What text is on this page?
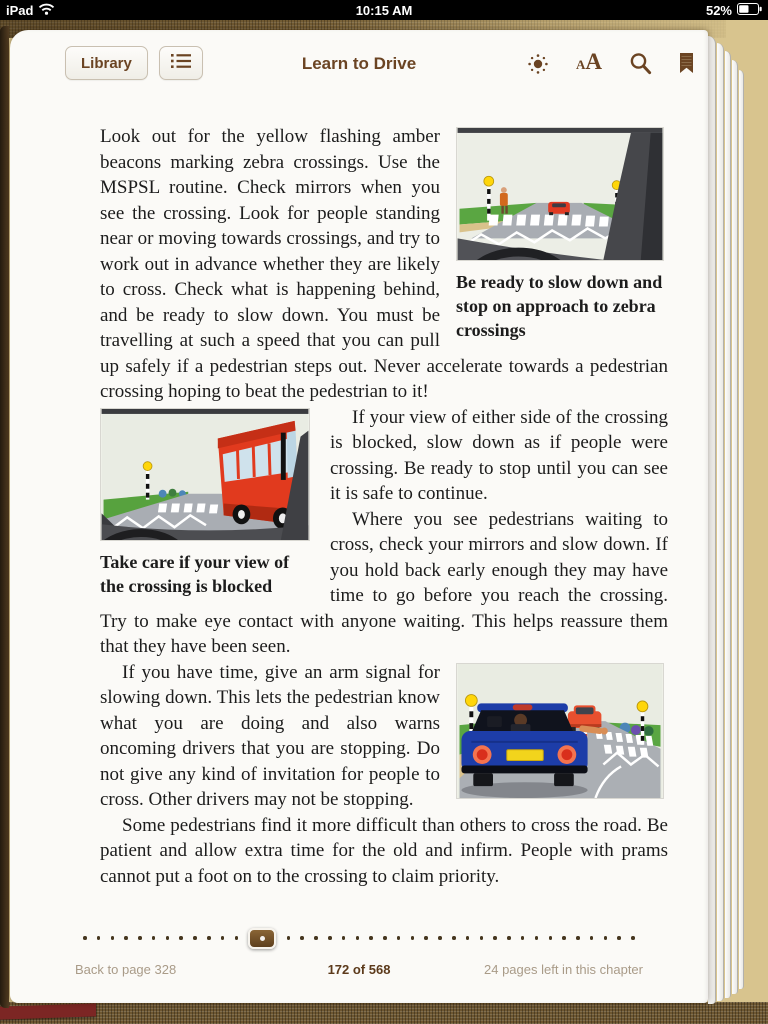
iPad	10:15 AM	52%
Library	Learn to Drive	A A
Be ready to slow down and stop on approach to zebra crossings

Look out for the yellow flashing amber beacons marking zebra crossings. Use the MSPSL routine. Check mirrors when you see the crossing. Look for people standing near or moving towards crossings, and try to work out in advance whether they are likely to cross. Check what is happening behind, and be ready to slow down. You must be travelling at such a speed that you can pull up safely if a pedestrian steps out. Never accelerate towards a pedestrian crossing hoping to beat the pedestrian to it!

Take care if your view of the crossing is blocked

If your view of either side of the crossing is blocked, slow down as if people were crossing. Be ready to stop until you can see it is safe to continue.

Where you see pedestrians waiting to cross, check your mirrors and slow down. If you hold back early enough they may have time to go before you reach the crossing. Try to make eye contact with anyone waiting. This helps reassure them that they have been seen.

If you have time, give an arm signal for slowing down. This lets the pedestrian know what you are doing and also warns oncoming drivers that you are stopping. Do not give any kind of invitation for people to cross. Other drivers may not be stopping.

Some pedestrians find it more difficult than others to cross the road. Be patient and allow extra time for the old and infirm. People with prams cannot put a foot on to the crossing to claim priority.

Back to page 328	172 of 568	24 pages left in this chapter
